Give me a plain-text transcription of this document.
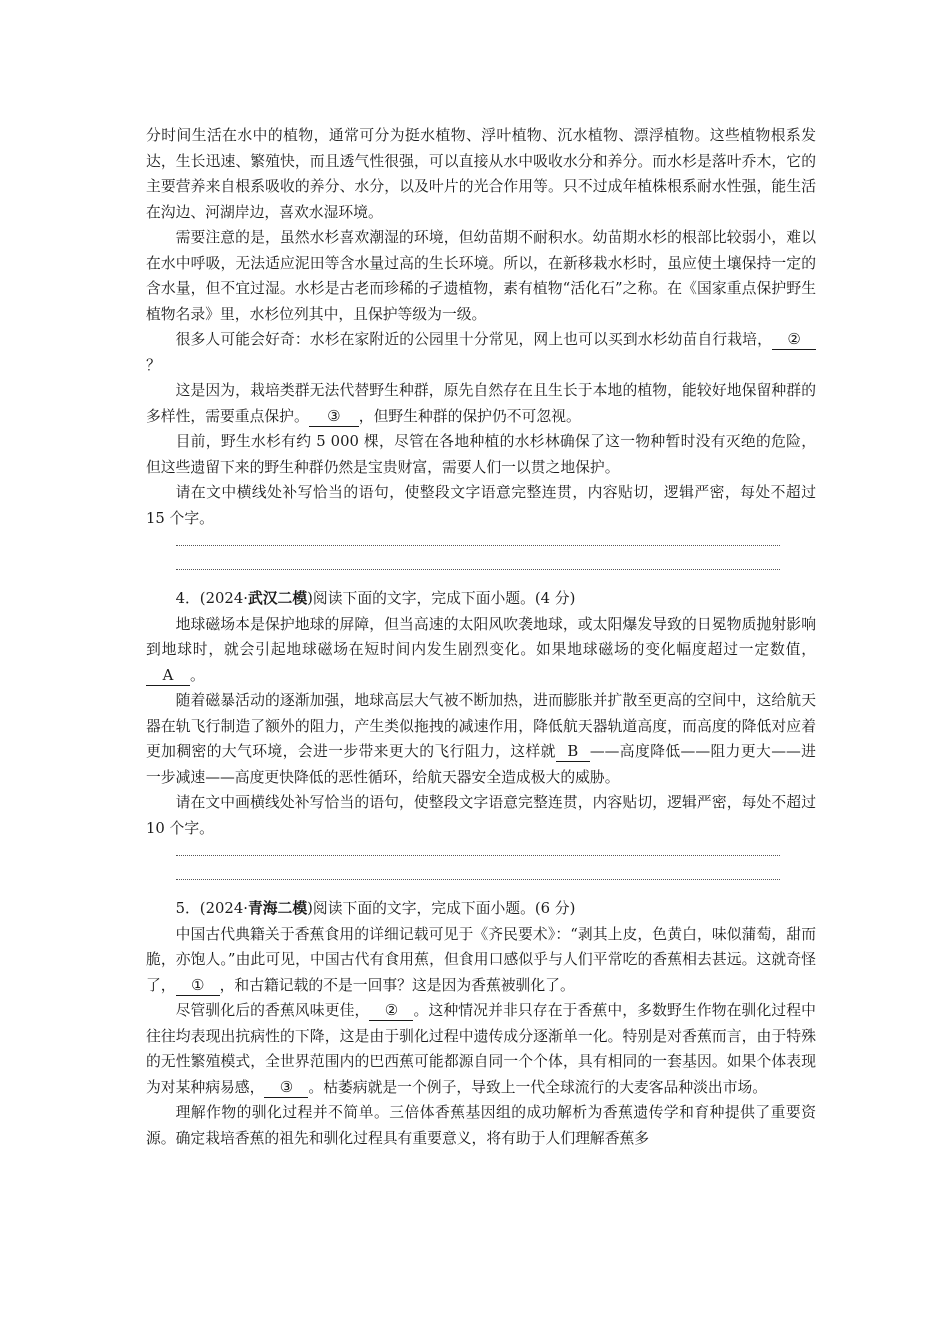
分时间生活在水中的植物，通常可分为挺水植物、浮叶植物、沉水植物、漂浮植物。这些植物根系发达，生长迅速、繁殖快，而且透气性很强，可以直接从水中吸收水分和养分。而水杉是落叶乔木，它的主要营养来自根系吸收的养分、水分，以及叶片的光合作用等。只不过成年植株根系耐水性强，能生活在沟边、河湖岸边，喜欢水湿环境。

需要注意的是，虽然水杉喜欢潮湿的环境，但幼苗期不耐积水。幼苗期水杉的根部比较弱小，难以在水中呼吸，无法适应泥田等含水量过高的生长环境。所以，在新移栽水杉时，虽应使土壤保持一定的含水量，但不宜过湿。水杉是古老而珍稀的孑遗植物，素有植物“活化石”之称。在《国家重点保护野生植物名录》里，水杉位列其中，且保护等级为一级。

很多人可能会好奇：水杉在家附近的公园里十分常见，网上也可以买到水杉幼苗自行栽培， ②？

这是因为，栽培类群无法代替野生种群，原先自然存在且生长于本地的植物，能较好地保留种群的多样性，需要重点保护。 ③ ，但野生种群的保护仍不可忽视。

目前，野生水杉有约 5 000 棵，尽管在各地种植的水杉林确保了这一物种暂时没有灭绝的危险，但这些遗留下来的野生种群仍然是宝贵财富，需要人们一以贯之地保护。

请在文中横线处补写恰当的语句，使整段文字语意完整连贯，内容贴切，逻辑严密，每处不超过 15 个字。

4．(2024·武汉二模)阅读下面的文字，完成下面小题。(4 分)

地球磁场本是保护地球的屏障，但当高速的太阳风吹袭地球，或太阳爆发导致的日冕物质抛射影响到地球时，就会引起地球磁场在短时间内发生剧烈变化。如果地球磁场的变化幅度超过一定数值，A 。

随着磁暴活动的逐渐加强，地球高层大气被不断加热，进而膨胀并扩散至更高的空间中，这给航天器在轨飞行制造了额外的阻力，产生类似拖拽的减速作用，降低航天器轨道高度，而高度的降低对应着更加稠密的大气环境，会进一步带来更大的飞行阻力，这样就 B ——高度降低——阻力更大——进一步减速——高度更快降低的恶性循环，给航天器安全造成极大的威胁。

请在文中画横线处补写恰当的语句，使整段文字语意完整连贯，内容贴切，逻辑严密，每处不超过 10 个字。

5．(2024·青海二模)阅读下面的文字，完成下面小题。(6 分)

中国古代典籍关于香蕉食用的详细记载可见于《齐民要术》：“剥其上皮，色黄白，味似蒲萄，甜而脆，亦饱人。”由此可见，中国古代有食用蕉，但食用口感似乎与人们平常吃的香蕉相去甚远。这就奇怪了， ① ，和古籍记载的不是一回事？这是因为香蕉被驯化了。

尽管驯化后的香蕉风味更佳， ② 。这种情况并非只存在于香蕉中，多数野生作物在驯化过程中往往均表现出抗病性的下降，这是由于驯化过程中遗传成分逐渐单一化。特别是对香蕉而言，由于特殊的无性繁殖模式，全世界范围内的巴西蕉可能都源自同一个个体，具有相同的一套基因。如果个体表现为对某种病易感， ③ 。枯萎病就是一个例子，导致上一代全球流行的大麦客品种淡出市场。

理解作物的驯化过程并不简单。三倍体香蕉基因组的成功解析为香蕉遗传学和育种提供了重要资源。确定栽培香蕉的祖先和驯化过程具有重要意义，将有助于人们理解香蕉多
